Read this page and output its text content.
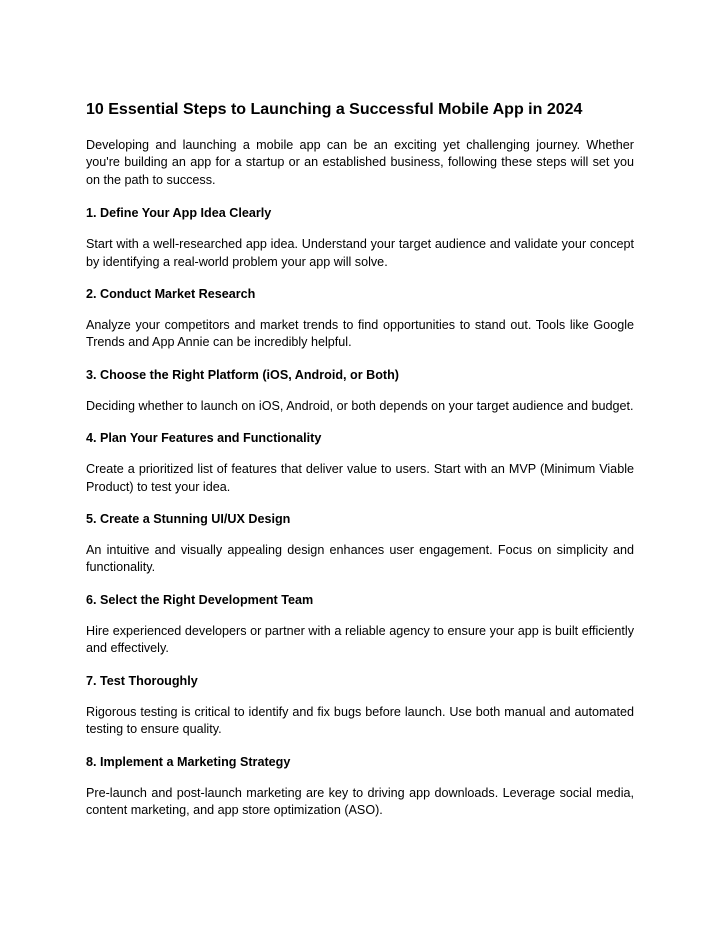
10 Essential Steps to Launching a Successful Mobile App in 2024

Developing and launching a mobile app can be an exciting yet challenging journey. Whether you're building an app for a startup or an established business, following these steps will set you on the path to success.

1. Define Your App Idea Clearly

Start with a well-researched app idea. Understand your target audience and validate your concept by identifying a real-world problem your app will solve.

2. Conduct Market Research

Analyze your competitors and market trends to find opportunities to stand out. Tools like Google Trends and App Annie can be incredibly helpful.

3. Choose the Right Platform (iOS, Android, or Both)

Deciding whether to launch on iOS, Android, or both depends on your target audience and budget.

4. Plan Your Features and Functionality

Create a prioritized list of features that deliver value to users. Start with an MVP (Minimum Viable Product) to test your idea.

5. Create a Stunning UI/UX Design

An intuitive and visually appealing design enhances user engagement. Focus on simplicity and functionality.

6. Select the Right Development Team

Hire experienced developers or partner with a reliable agency to ensure your app is built efficiently and effectively.

7. Test Thoroughly

Rigorous testing is critical to identify and fix bugs before launch. Use both manual and automated testing to ensure quality.

8. Implement a Marketing Strategy

Pre-launch and post-launch marketing are key to driving app downloads. Leverage social media, content marketing, and app store optimization (ASO).
